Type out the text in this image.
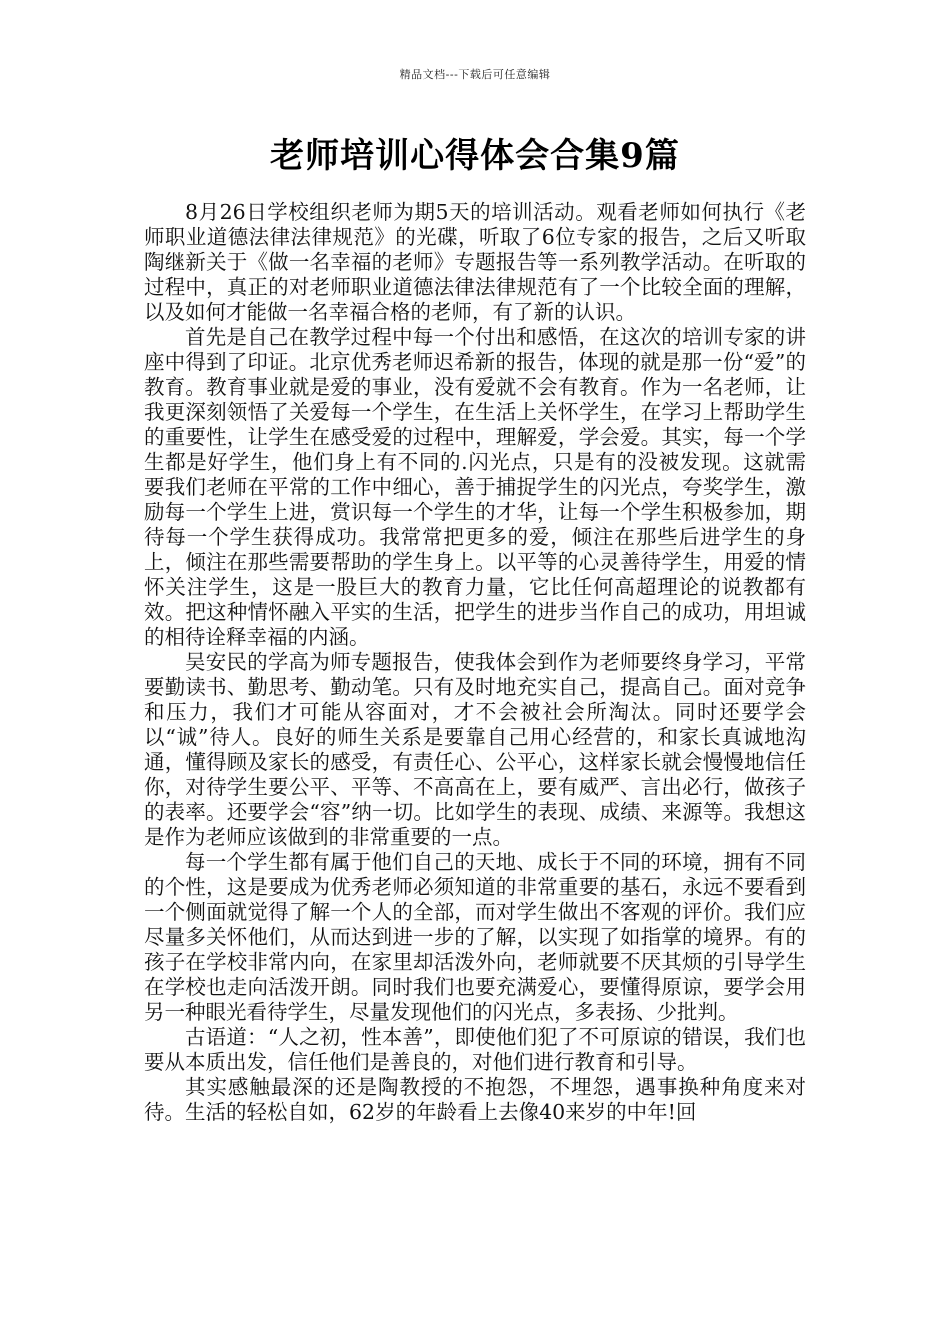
精品文档---下载后可任意编辑
老师培训心得体会合集9篇

8月26日学校组织老师为期5天的培训活动。观看老师如何执行《老师职业道德法律法律规范》的光碟，听取了6位专家的报告，之后又听取陶继新关于《做一名幸福的老师》专题报告等一系列教学活动。在听取的过程中，真正的对老师职业道德法律法律规范有了一个比较全面的理解，以及如何才能做一名幸福合格的老师，有了新的认识。

首先是自己在教学过程中每一个付出和感悟，在这次的培训专家的讲座中得到了印证。北京优秀老师迟希新的报告，体现的就是那一份“爱”的教育。教育事业就是爱的事业，没有爱就不会有教育。作为一名老师，让我更深刻领悟了关爱每一个学生，在生活上关怀学生，在学习上帮助学生的重要性，让学生在感受爱的过程中，理解爱，学会爱。其实，每一个学生都是好学生，他们身上有不同的.闪光点，只是有的没被发现。这就需要我们老师在平常的工作中细心，善于捕捉学生的闪光点，夸奖学生，激励每一个学生上进，赏识每一个学生的才华，让每一个学生积极参加，期待每一个学生获得成功。我常常把更多的爱，倾注在那些后进学生的身上，倾注在那些需要帮助的学生身上。以平等的心灵善待学生，用爱的情怀关注学生，这是一股巨大的教育力量，它比任何高超理论的说教都有效。把这种情怀融入平实的生活，把学生的进步当作自己的成功，用坦诚的相待诠释幸福的内涵。

吴安民的学高为师专题报告，使我体会到作为老师要终身学习，平常要勤读书、勤思考、勤动笔。只有及时地充实自己，提高自己。面对竞争和压力，我们才可能从容面对，才不会被社会所淘汰。同时还要学会以“诚”待人。良好的师生关系是要靠自己用心经营的，和家长真诚地沟通，懂得顾及家长的感受，有责任心、公平心，这样家长就会慢慢地信任你，对待学生要公平、平等、不高高在上，要有威严、言出必行，做孩子的表率。还要学会“容”纳一切。比如学生的表现、成绩、来源等。我想这是作为老师应该做到的非常重要的一点。

每一个学生都有属于他们自己的天地、成长于不同的环境，拥有不同的个性，这是要成为优秀老师必须知道的非常重要的基石，永远不要看到一个侧面就觉得了解一个人的全部，而对学生做出不客观的评价。我们应尽量多关怀他们，从而达到进一步的了解，以实现了如指掌的境界。有的孩子在学校非常内向，在家里却活泼外向，老师就要不厌其烦的引导学生在学校也走向活泼开朗。同时我们也要充满爱心，要懂得原谅，要学会用另一种眼光看待学生，尽量发现他们的闪光点，多表扬、少批判。

古语道：“人之初，性本善”，即使他们犯了不可原谅的错误，我们也要从本质出发，信任他们是善良的，对他们进行教育和引导。

其实感触最深的还是陶教授的不抱怨，不埋怨，遇事换种角度来对待。生活的轻松自如，62岁的年龄看上去像40来岁的中年!回
